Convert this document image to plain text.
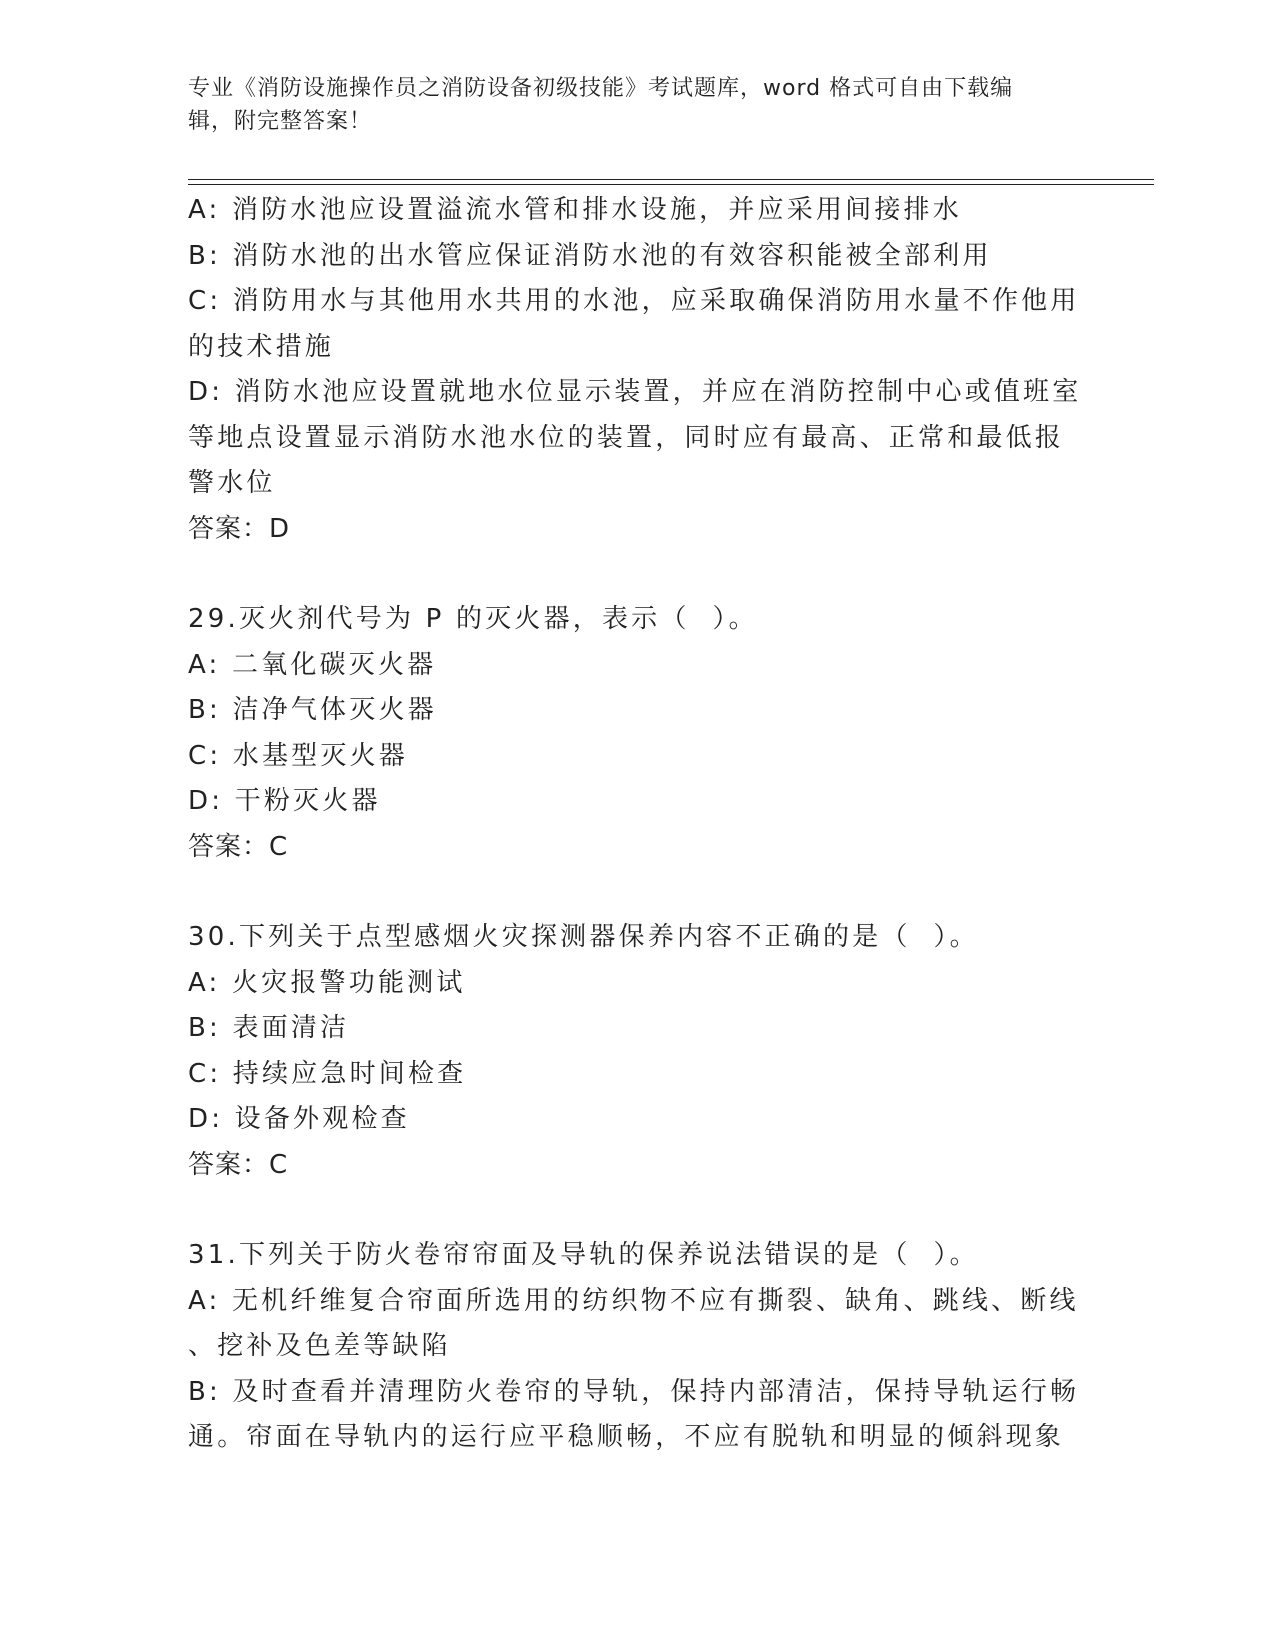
专业《消防设施操作员之消防设备初级技能》考试题库，word 格式可自由下载编
辑，附完整答案！
A: 消防水池应设置溢流水管和排水设施，并应采用间接排水
B: 消防水池的出水管应保证消防水池的有效容积能被全部利用
C: 消防用水与其他用水共用的水池，应采取确保消防用水量不作他用
的技术措施
D: 消防水池应设置就地水位显示装置，并应在消防控制中心或值班室
等地点设置显示消防水池水位的装置，同时应有最高、正常和最低报
警水位
答案：D
29.灭火剂代号为 P 的灭火器，表示（  ）。
A: 二氧化碳灭火器
B: 洁净气体灭火器
C: 水基型灭火器
D: 干粉灭火器
答案：C
30.下列关于点型感烟火灾探测器保养内容不正确的是（  ）。
A: 火灾报警功能测试
B: 表面清洁
C: 持续应急时间检查
D: 设备外观检查
答案：C
31.下列关于防火卷帘帘面及导轨的保养说法错误的是（  ）。
A: 无机纤维复合帘面所选用的纺织物不应有撕裂、缺角、跳线、断线
、挖补及色差等缺陷
B: 及时查看并清理防火卷帘的导轨，保持内部清洁，保持导轨运行畅
通。帘面在导轨内的运行应平稳顺畅，不应有脱轨和明显的倾斜现象
